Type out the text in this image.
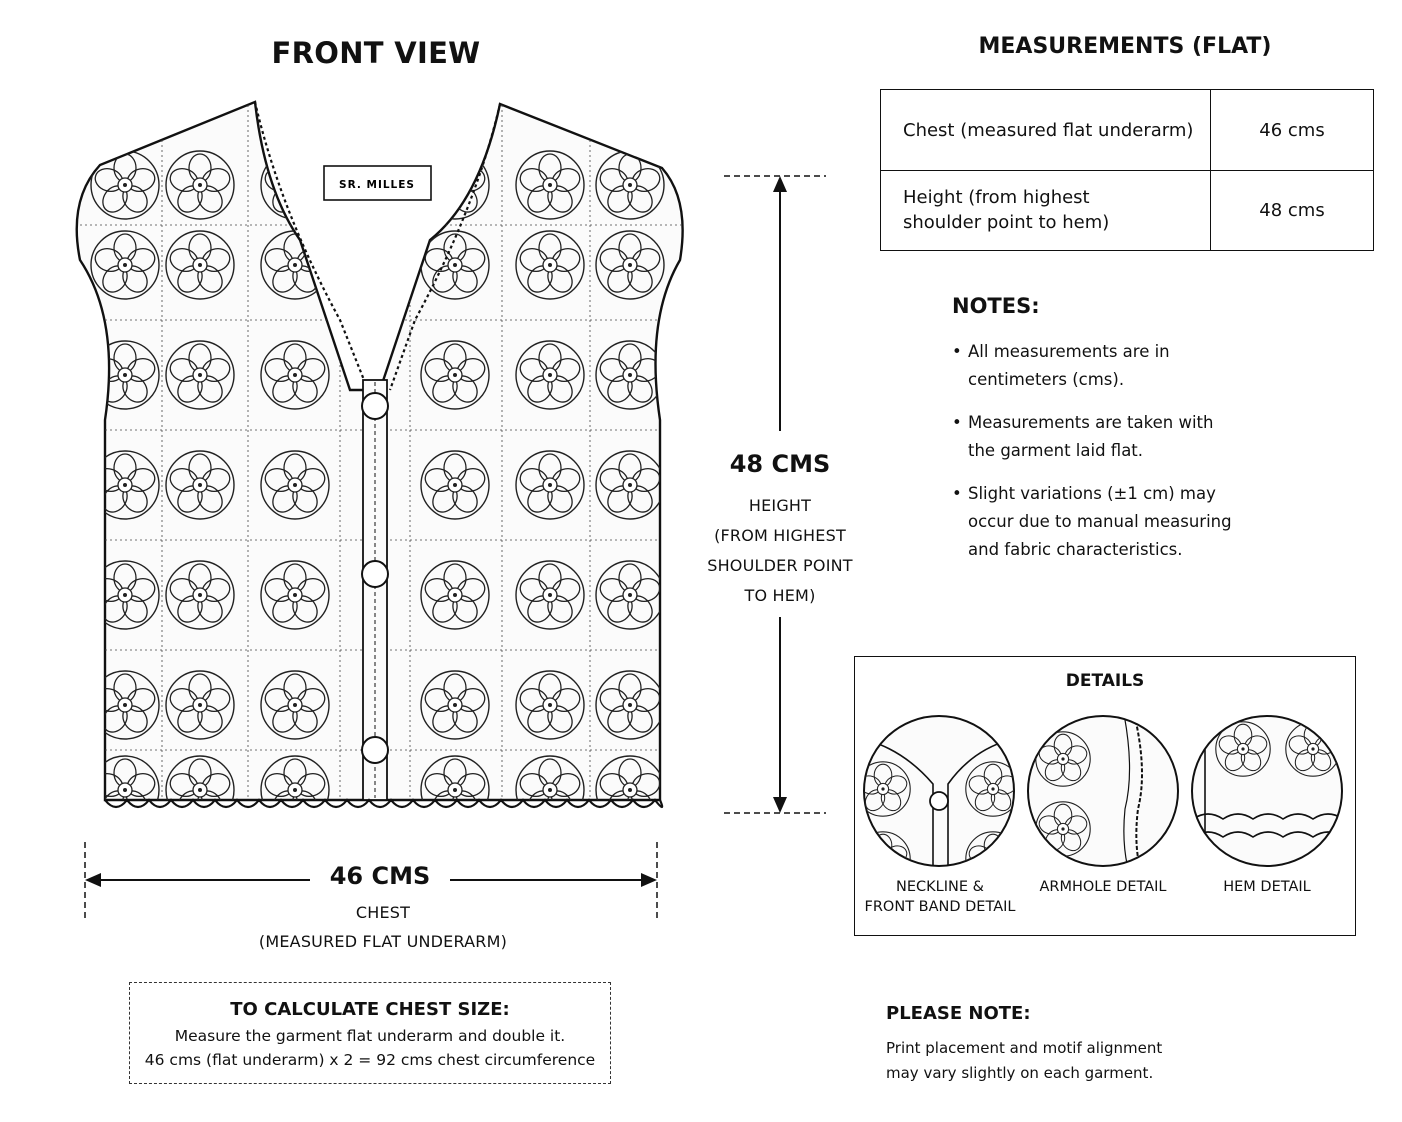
FRONT VIEW
SR. MILLES
48 CMS
HEIGHT
(FROM HIGHEST
SHOULDER POINT
TO HEM)
46 CMS
CHEST
(MEASURED FLAT UNDERARM)
MEASUREMENTS (FLAT)
Chest (measured flat underarm)	46 cms
Height (from highest
shoulder point to hem)
48 cms
NOTES:
• All measurements are in
centimeters (cms).
• Measurements are taken with
the garment laid flat.
• Slight variations (±1 cm) may
occur due to manual measuring
and fabric characteristics.
DETAILS
NECKLINE &
FRONT BAND DETAIL
ARMHOLE DETAIL	HEM DETAIL
TO CALCULATE CHEST SIZE:
Measure the garment flat underarm and double it.
46 cms (flat underarm) x 2 = 92 cms chest circumference
PLEASE NOTE:
Print placement and motif alignment
may vary slightly on each garment.
